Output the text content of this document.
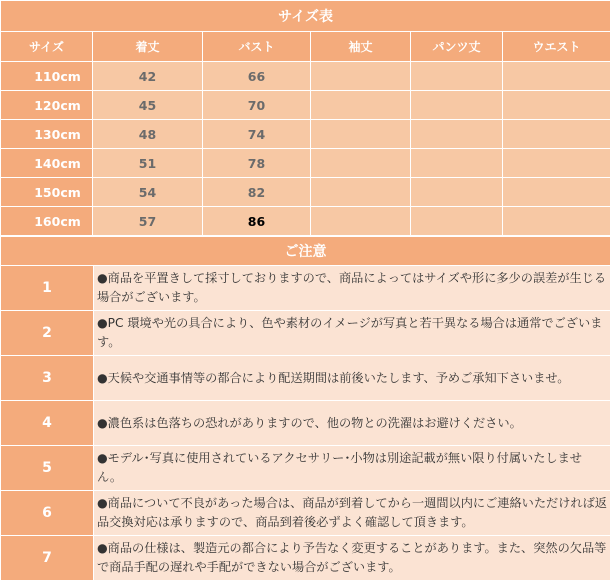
サイズ表					
サイズ	着丈	バスト	袖丈	パンツ丈	ウエスト
110cm	42	66			
120cm	45	70			
130cm	48	74			
140cm	51	78			
150cm	54	82			
160cm	57	86			
ご注意	
1	●商品を平置きして採寸しておりますので、商品によってはサイズや形に多少の誤差が生じる場合がございます。
2	●PC 環境や光の具合により、色や素材のイメージが写真と若干異なる場合は通常でございます。
3	●天候や交通事情等の都合により配送期間は前後いたします、予めご承知下さいませ。
4	●濃色系は色落ちの恐れがありますので、他の物との洗濯はお避けください。
5	●モデル･写真に使用されているアクセサリー･小物は別途記載が無い限り付属いたしません。
6	●商品について不良があった場合は、商品が到着してから一週間以内にご連絡いただければ返品交換対応は承りますので、商品到着後必ずよく確認して頂きます。
7	●商品の仕様は、製造元の都合により予告なく変更することがあります。また、突然の欠品等で商品手配の遅れや手配ができない場合がございます。
